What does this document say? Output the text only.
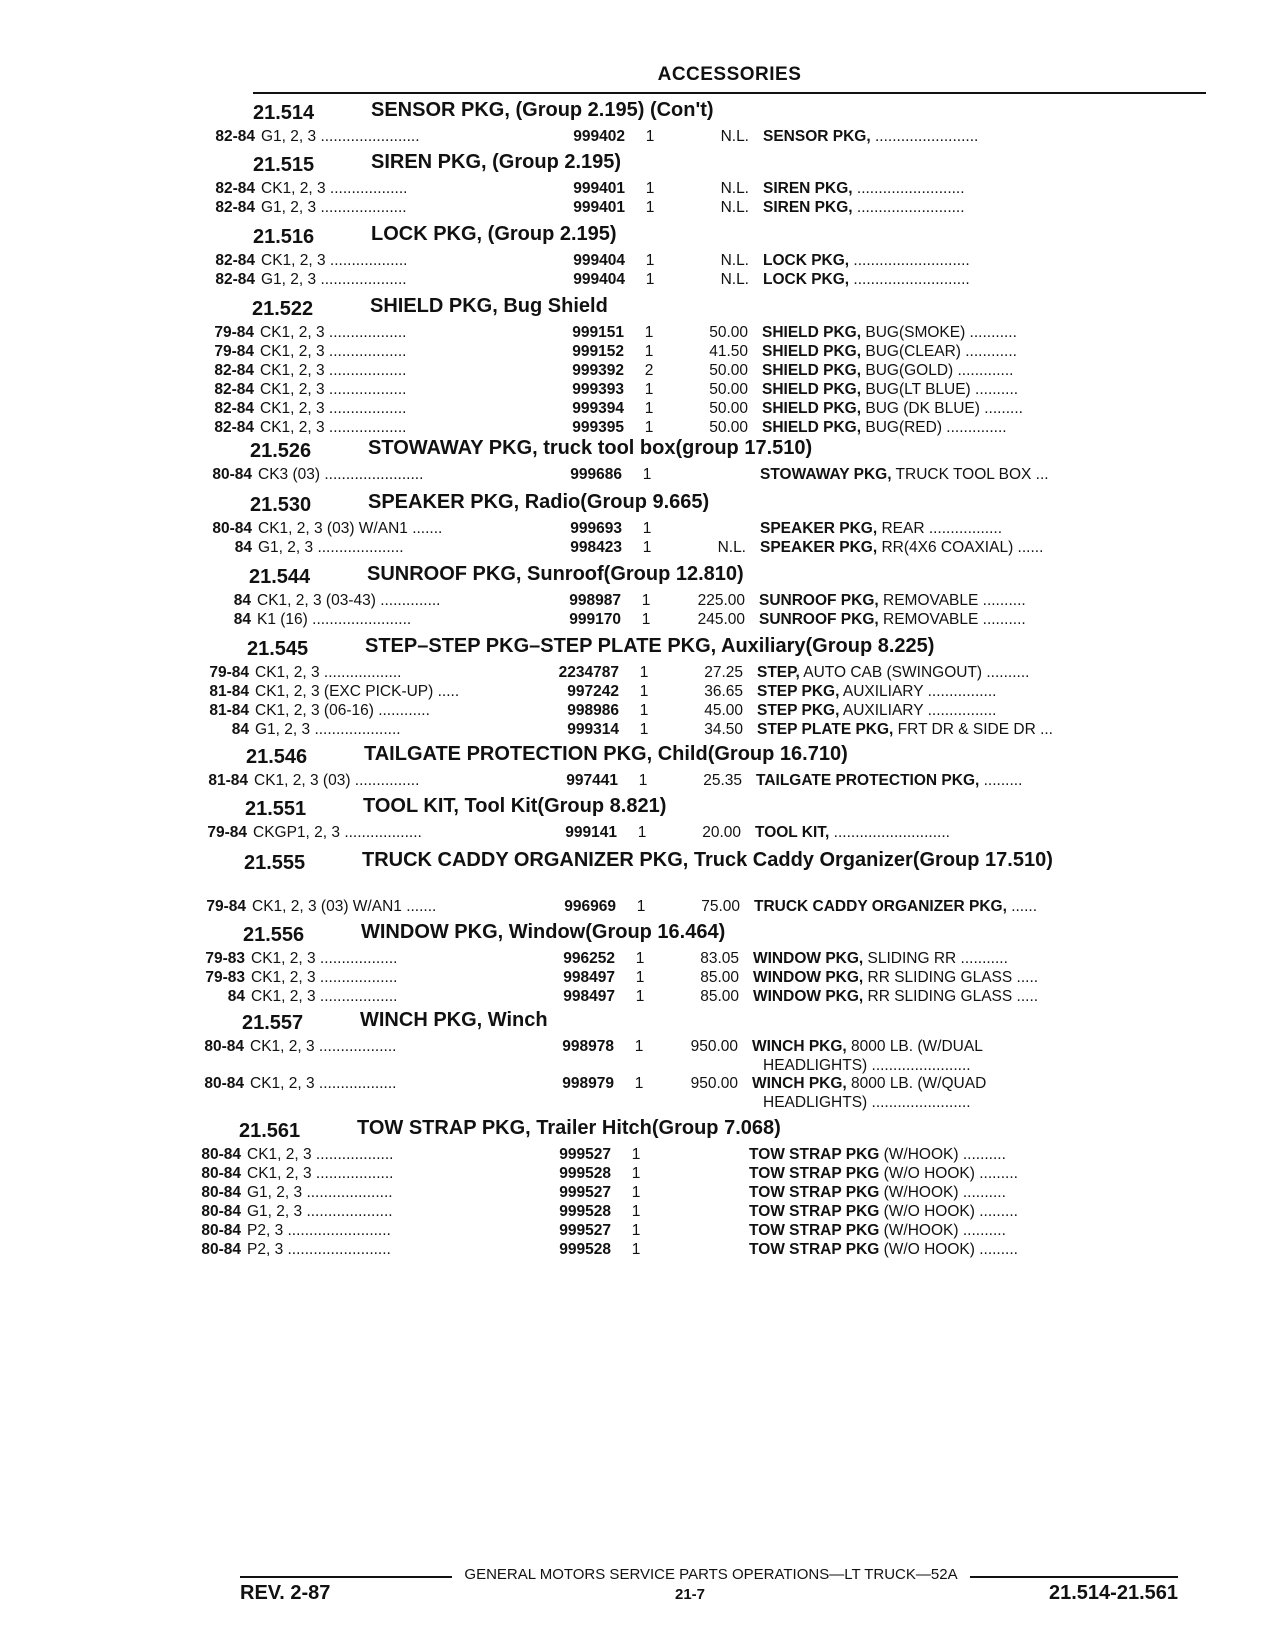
ACCESSORIES
21.514	SENSOR PKG, (Group 2.195) (Con't)
82-84 G1, 2, 3 .......................	999402	1	N.L. SENSOR PKG, ........................
21.515	SIREN PKG, (Group 2.195)
82-84 CK1, 2, 3 ..................	999401	1	N.L. SIREN PKG, .........................
82-84 G1, 2, 3 ....................	999401	1	N.L. SIREN PKG, .........................
21.516	LOCK PKG, (Group 2.195)
82-84 CK1, 2, 3 ..................	999404	1	N.L. LOCK PKG, ...........................
82-84 G1, 2, 3 ....................	999404	1	N.L. LOCK PKG, ...........................
21.522	SHIELD PKG, Bug Shield
79-84 CK1, 2, 3 ..................	999151	1	50.00 SHIELD PKG, BUG(SMOKE) ...........
79-84 CK1, 2, 3 ..................	999152	1	41.50 SHIELD PKG, BUG(CLEAR) ............
82-84 CK1, 2, 3 ..................	999392	2	50.00 SHIELD PKG, BUG(GOLD) .............
82-84 CK1, 2, 3 ..................	999393	1	50.00 SHIELD PKG, BUG(LT BLUE) ..........
82-84 CK1, 2, 3 ..................	999394	1	50.00 SHIELD PKG, BUG (DK BLUE) .........
82-84 CK1, 2, 3 ..................	999395	1	50.00 SHIELD PKG, BUG(RED) ..............
21.526	STOWAWAY PKG, truck tool box(group 17.510)
80-84 CK3 (03) .......................	999686	1	STOWAWAY PKG, TRUCK TOOL BOX ...
21.530	SPEAKER PKG, Radio(Group 9.665)
80-84 CK1, 2, 3 (03) W/AN1 .......	999693	1	SPEAKER PKG, REAR .................
84 G1, 2, 3 ....................	998423	1	N.L. SPEAKER PKG, RR(4X6 COAXIAL) ......
21.544	SUNROOF PKG, Sunroof(Group 12.810)
84 CK1, 2, 3 (03-43) ..............	998987	1	225.00 SUNROOF PKG, REMOVABLE ..........
84 K1 (16) .......................	999170	1	245.00 SUNROOF PKG, REMOVABLE ..........
21.545	STEP–STEP PKG–STEP PLATE PKG, Auxiliary(Group 8.225)
79-84 CK1, 2, 3 ..................	2234787	1	27.25 STEP, AUTO CAB (SWINGOUT) ..........
81-84 CK1, 2, 3 (EXC PICK-UP) .....	997242	1	36.65 STEP PKG, AUXILIARY ................
81-84 CK1, 2, 3 (06-16) ............	998986	1	45.00 STEP PKG, AUXILIARY ................
84 G1, 2, 3 ....................	999314	1	34.50 STEP PLATE PKG, FRT DR & SIDE DR ...
21.546	TAILGATE PROTECTION PKG, Child(Group 16.710)
81-84 CK1, 2, 3 (03) ...............	997441	1	25.35 TAILGATE PROTECTION PKG, .........
21.551	TOOL KIT, Tool Kit(Group 8.821)
79-84 CKGP1, 2, 3 ..................	999141	1	20.00 TOOL KIT, ...........................
21.555	TRUCK CADDY ORGANIZER PKG, Truck Caddy Organizer(Group 17.510)
79-84 CK1, 2, 3 (03) W/AN1 .......	996969	1	75.00 TRUCK CADDY ORGANIZER PKG, ......
21.556	WINDOW PKG, Window(Group 16.464)
79-83 CK1, 2, 3 ..................	996252	1	83.05 WINDOW PKG, SLIDING RR ...........
79-83 CK1, 2, 3 ..................	998497	1	85.00 WINDOW PKG, RR SLIDING GLASS .....
84 CK1, 2, 3 ..................	998497	1	85.00 WINDOW PKG, RR SLIDING GLASS .....
21.557	WINCH PKG, Winch
80-84 CK1, 2, 3 ..................	998978	1	950.00 WINCH PKG, 8000 LB. (W/DUAL
HEADLIGHTS) .......................
80-84 CK1, 2, 3 ..................	998979	1	950.00 WINCH PKG, 8000 LB. (W/QUAD
HEADLIGHTS) .......................
21.561	TOW STRAP PKG, Trailer Hitch(Group 7.068)
80-84 CK1, 2, 3 ..................	999527	1	TOW STRAP PKG (W/HOOK) ..........
80-84 CK1, 2, 3 ..................	999528	1	TOW STRAP PKG (W/O HOOK) .........
80-84 G1, 2, 3 ....................	999527	1	TOW STRAP PKG (W/HOOK) ..........
80-84 G1, 2, 3 ....................	999528	1	TOW STRAP PKG (W/O HOOK) .........
80-84 P2, 3 ........................	999527	1	TOW STRAP PKG (W/HOOK) ..........
80-84 P2, 3 ........................	999528	1	TOW STRAP PKG (W/O HOOK) .........
GENERAL MOTORS SERVICE PARTS OPERATIONS—LT TRUCK—52A
REV. 2-87	21-7	21.514-21.561
